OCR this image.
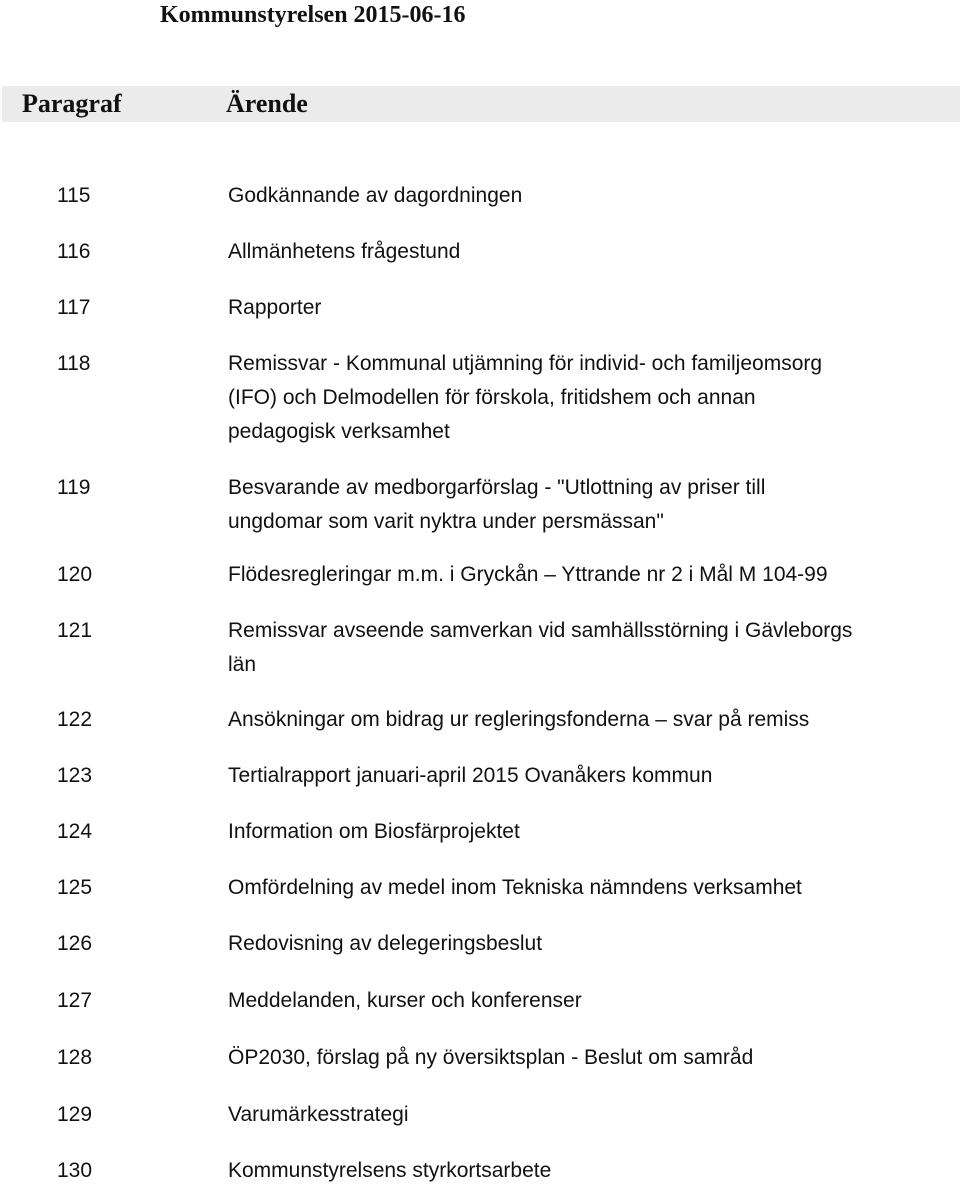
Kommunstyrelsen 2015-06-16
Paragraf	Ärende
115	Godkännande av dagordningen
116	Allmänhetens frågestund
117	Rapporter
118	Remissvar - Kommunal utjämning för individ- och familjeomsorg
(IFO) och Delmodellen för förskola, fritidshem och annan
pedagogisk verksamhet
119	Besvarande av medborgarförslag - "Utlottning av priser till
ungdomar som varit nyktra under persmässan"
120	Flödesregleringar m.m. i Gryckån – Yttrande nr 2 i Mål M 104-99
121	Remissvar avseende samverkan vid samhällsstörning i Gävleborgs
län
122	Ansökningar om bidrag ur regleringsfonderna – svar på remiss
123	Tertialrapport januari-april 2015 Ovanåkers kommun
124	Information om Biosfärprojektet
125	Omfördelning av medel inom Tekniska nämndens verksamhet
126	Redovisning av delegeringsbeslut
127	Meddelanden, kurser och konferenser
128	ÖP2030, förslag på ny översiktsplan - Beslut om samråd
129	Varumärkesstrategi
130	Kommunstyrelsens styrkortsarbete
